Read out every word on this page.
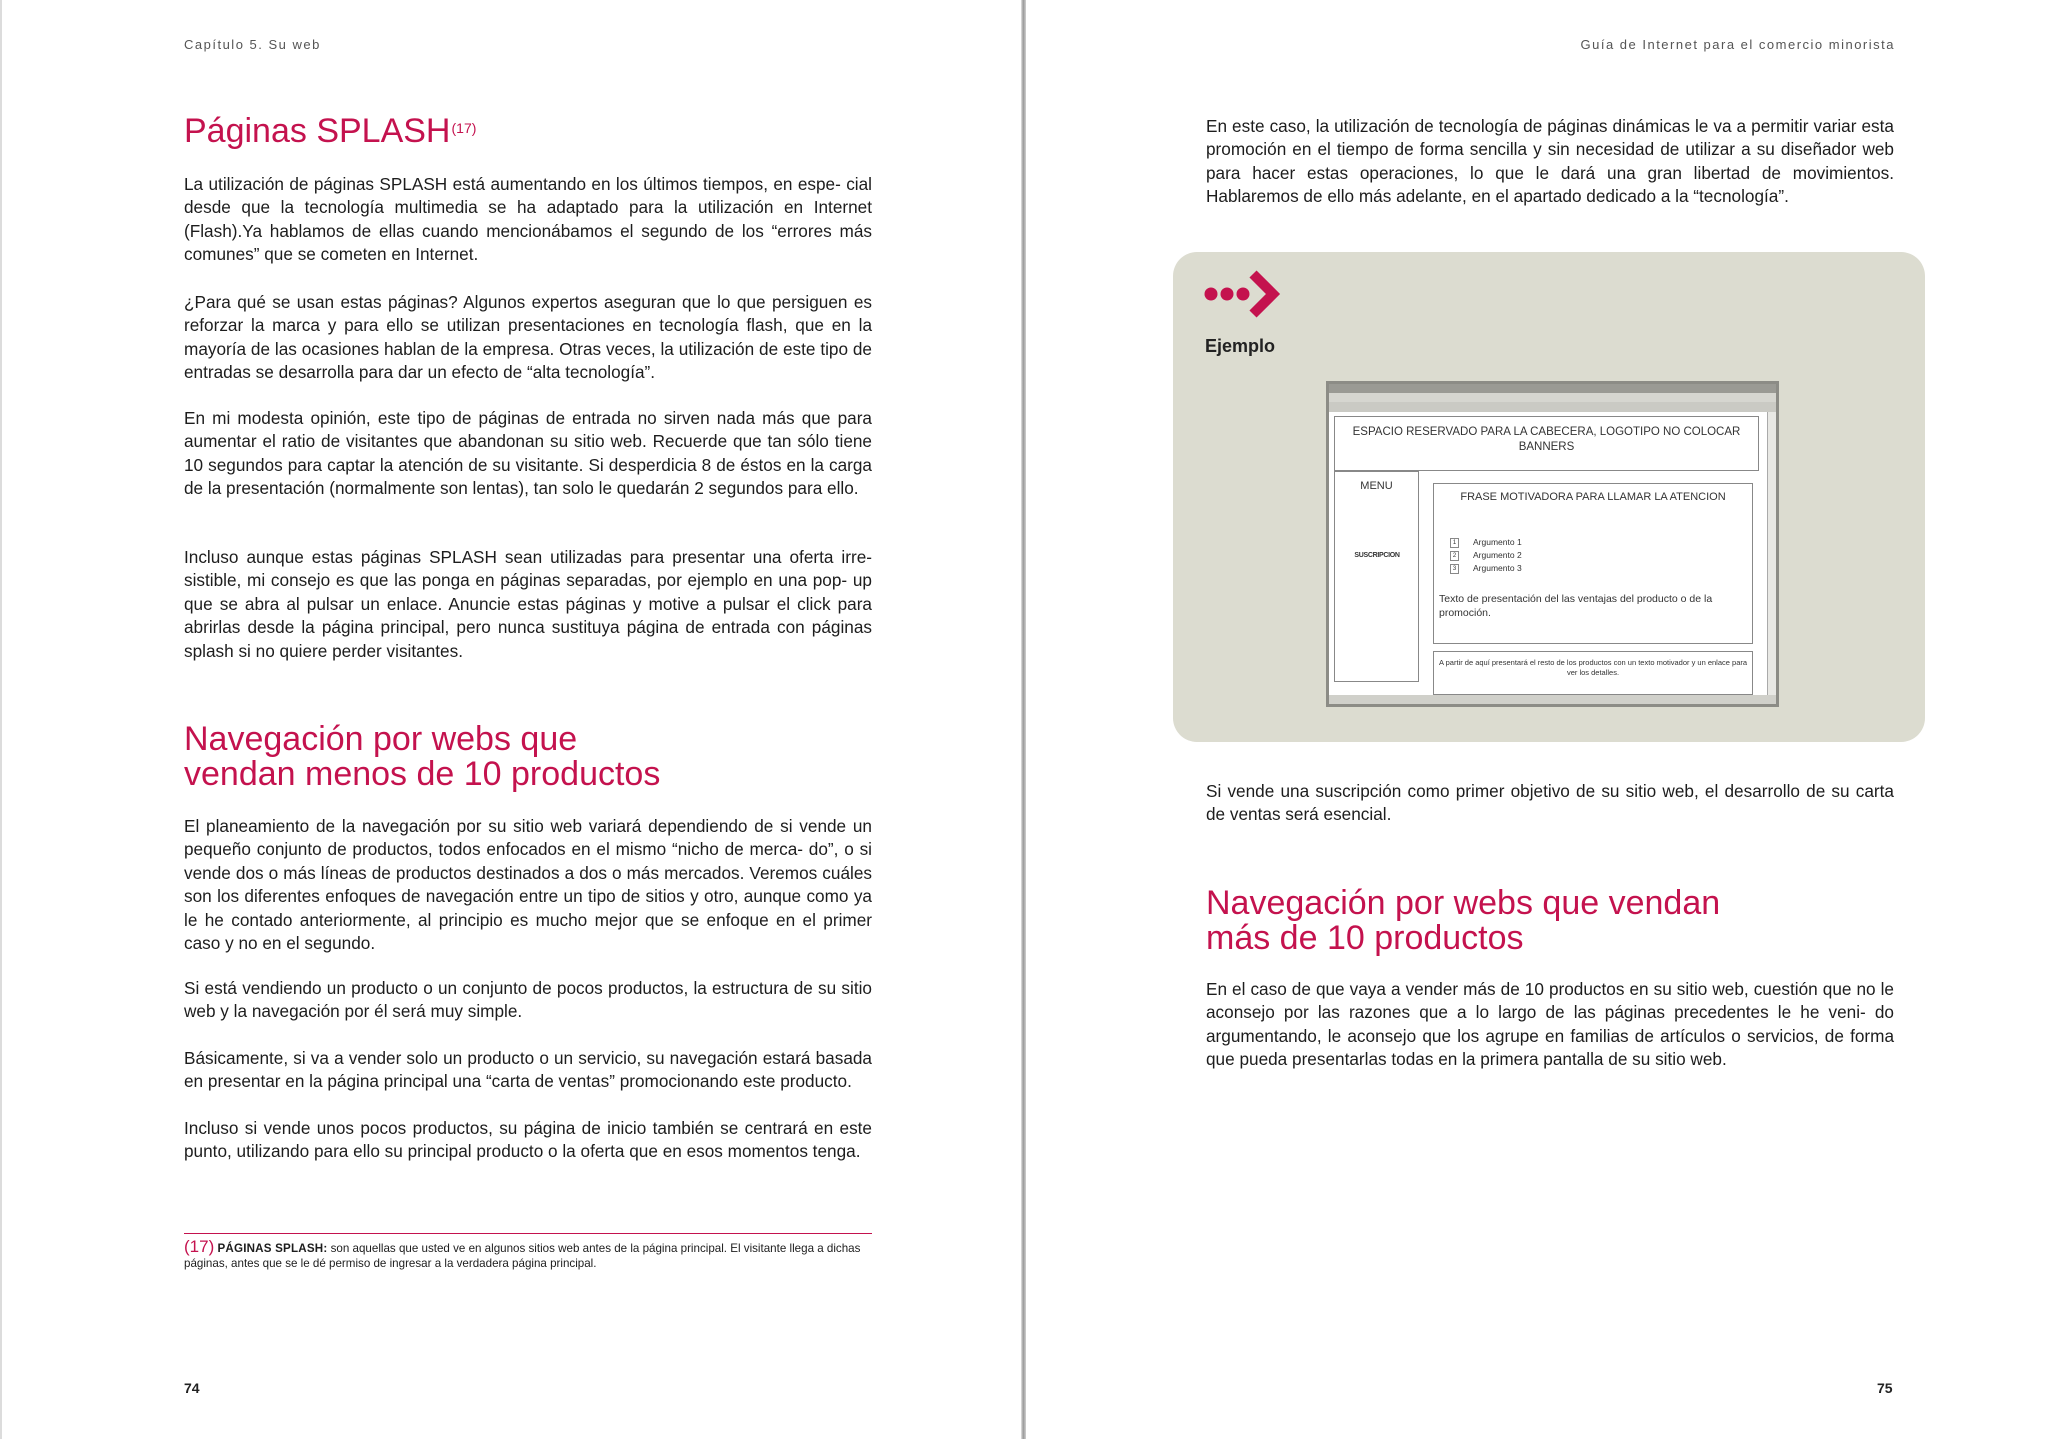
Capítulo 5. Su web
Páginas SPLASH$^{(17)}$

La utilización de páginas SPLASH está aumentando en los últimos tiempos, en espe- cial desde que la tecnología multimedia se ha adaptado para la utilización en Internet (Flash).Ya hablamos de ellas cuando mencionábamos el segundo de los “errores más comunes” que se cometen en Internet.

¿Para qué se usan estas páginas? Algunos expertos aseguran que lo que persiguen es reforzar la marca y para ello se utilizan presentaciones en tecnología flash, que en la mayoría de las ocasiones hablan de la empresa. Otras veces, la utilización de este tipo de entradas se desarrolla para dar un efecto de “alta tecnología”.

En mi modesta opinión, este tipo de páginas de entrada no sirven nada más que para aumentar el ratio de visitantes que abandonan su sitio web. Recuerde que tan sólo tiene 10 segundos para captar la atención de su visitante. Si desperdicia 8 de éstos en la carga de la presentación (normalmente son lentas), tan solo le quedarán 2 segundos para ello.

Incluso aunque estas páginas SPLASH sean utilizadas para presentar una oferta irre- sistible, mi consejo es que las ponga en páginas separadas, por ejemplo en una pop- up que se abra al pulsar un enlace. Anuncie estas páginas y motive a pulsar el click para abrirlas desde la página principal, pero nunca sustituya página de entrada con páginas splash si no quiere perder visitantes.

Navegación por webs que
vendan menos de 10 productos

El planeamiento de la navegación por su sitio web variará dependiendo de si vende un pequeño conjunto de productos, todos enfocados en el mismo “nicho de merca- do”, o si vende dos o más líneas de productos destinados a dos o más mercados. Veremos cuáles son los diferentes enfoques de navegación entre un tipo de sitios y otro, aunque como ya le he contado anteriormente, al principio es mucho mejor que se enfoque en el primer caso y no en el segundo.

Si está vendiendo un producto o un conjunto de pocos productos, la estructura de su sitio web y la navegación por él será muy simple.

Básicamente, si va a vender solo un producto o un servicio, su navegación estará basada en presentar en la página principal una “carta de ventas” promocionando este producto.

Incluso si vende unos pocos productos, su página de inicio también se centrará en este punto, utilizando para ello su principal producto o la oferta que en esos momentos tenga.

(17) PÁGINAS SPLASH: son aquellas que usted ve en algunos sitios web antes de la página principal. El visitante llega a dichas páginas, antes que se le dé permiso de ingresar a la verdadera página principal.

74
Guía de Internet para el comercio minorista

En este caso, la utilización de tecnología de páginas dinámicas le va a permitir variar esta promoción en el tiempo de forma sencilla y sin necesidad de utilizar a su diseñador web para hacer estas operaciones, lo que le dará una gran libertad de movimientos. Hablaremos de ello más adelante, en el apartado dedicado a la “tecnología”.

Ejemplo
ESPACIO RESERVADO PARA LA CABECERA, LOGOTIPO NO COLOCAR BANNERS
MENU
SUSCRIPCION
FRASE MOTIVADORA PARA LLAMAR LA ATENCION
1 Argumento 1
2 Argumento 2
3 Argumento 3
Texto de presentación del las ventajas del producto o de la promoción.
A partir de aquí presentará el resto de los productos con un texto motivador y un enlace para ver los detalles.

Si vende una suscripción como primer objetivo de su sitio web, el desarrollo de su carta de ventas será esencial.

Navegación por webs que vendan
más de 10 productos

En el caso de que vaya a vender más de 10 productos en su sitio web, cuestión que no le aconsejo por las razones que a lo largo de las páginas precedentes le he veni- do argumentando, le aconsejo que los agrupe en familias de artículos o servicios, de forma que pueda presentarlas todas en la primera pantalla de su sitio web.

75
